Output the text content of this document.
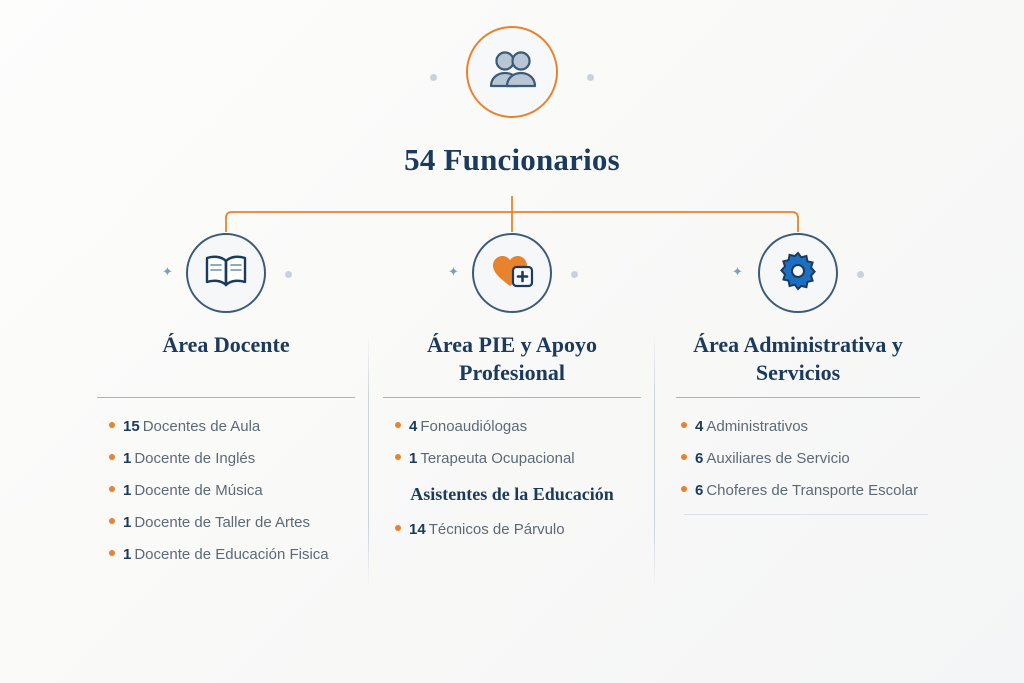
54 Funcionarios
✦
Área Docente
15 Docentes de Aula
1 Docente de Inglés
1 Docente de Música
1 Docente de Taller de Artes
1 Docente de Educación Fisica
✦
Área PIE y Apoyo Profesional
4 Fonoaudiólogas
1 Terapeuta Ocupacional
Asistentes de la Educación
14 Técnicos de Párvulo
✦
Área Administrativa y Servicios
4 Administrativos
6 Auxiliares de Servicio
6 Choferes de Transporte Escolar
